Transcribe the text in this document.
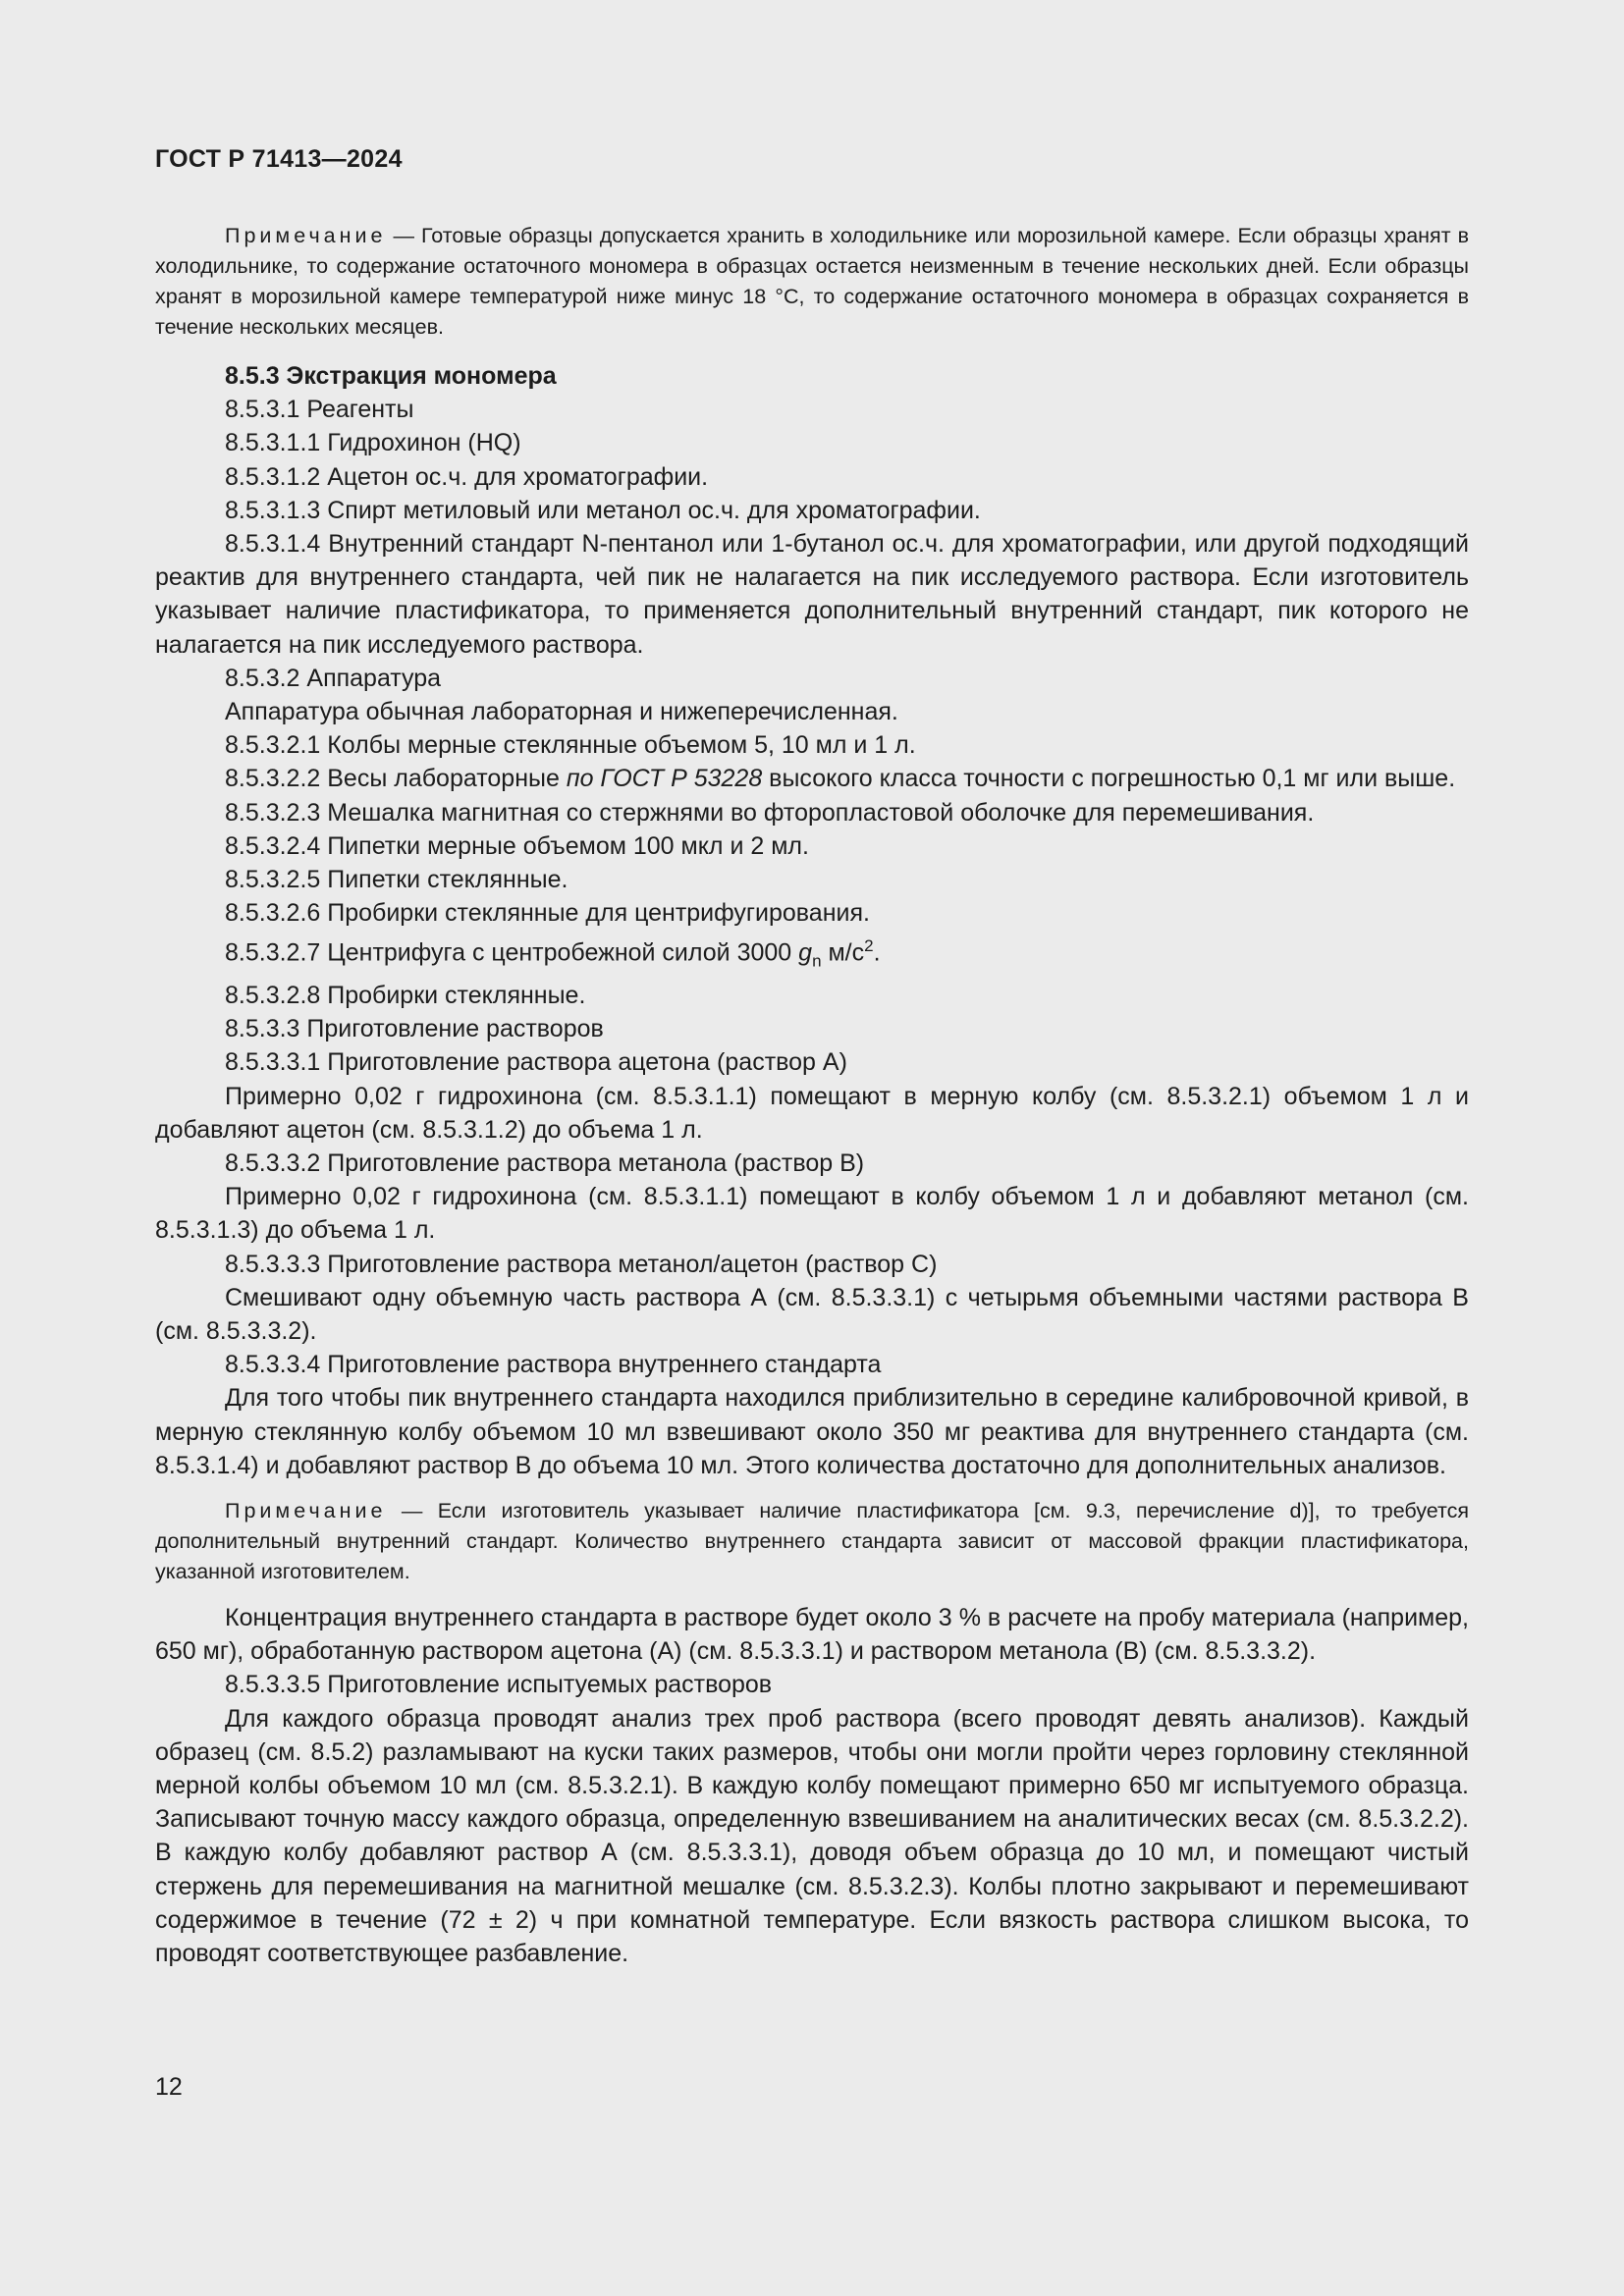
ГОСТ Р 71413—2024

Примечание — Готовые образцы допускается хранить в холодильнике или морозильной камере. Если образцы хранят в холодильнике, то содержание остаточного мономера в образцах остается неизменным в течение нескольких дней. Если образцы хранят в морозильной камере температурой ниже минус 18 °С, то содержание остаточного мономера в образцах сохраняется в течение нескольких месяцев.

8.5.3 Экстракция мономера

8.5.3.1 Реагенты

8.5.3.1.1 Гидрохинон (HQ)

8.5.3.1.2 Ацетон ос.ч. для хроматографии.

8.5.3.1.3 Спирт метиловый или метанол ос.ч. для хроматографии.

8.5.3.1.4 Внутренний стандарт N-пентанол или 1-бутанол ос.ч. для хроматографии, или другой подходящий реактив для внутреннего стандарта, чей пик не налагается на пик исследуемого раствора. Если изготовитель указывает наличие пластификатора, то применяется дополнительный внутренний стандарт, пик которого не налагается на пик исследуемого раствора.

8.5.3.2 Аппаратура

Аппаратура обычная лабораторная и нижеперечисленная.

8.5.3.2.1 Колбы мерные стеклянные объемом 5, 10 мл и 1 л.

8.5.3.2.2 Весы лабораторные по ГОСТ Р 53228 высокого класса точности с погрешностью 0,1 мг или выше.

8.5.3.2.3 Мешалка магнитная со стержнями во фторопластовой оболочке для перемешивания.

8.5.3.2.4 Пипетки мерные объемом 100 мкл и 2 мл.

8.5.3.2.5 Пипетки стеклянные.

8.5.3.2.6 Пробирки стеклянные для центрифугирования.

8.5.3.2.7 Центрифуга с центробежной силой 3000 $g_n$ $м/с^2$.

8.5.3.2.8 Пробирки стеклянные.

8.5.3.3 Приготовление растворов

8.5.3.3.1 Приготовление раствора ацетона (раствор А)

Примерно 0,02 г гидрохинона (см. 8.5.3.1.1) помещают в мерную колбу (см. 8.5.3.2.1) объемом 1 л и добавляют ацетон (см. 8.5.3.1.2) до объема 1 л.

8.5.3.3.2 Приготовление раствора метанола (раствор В)

Примерно 0,02 г гидрохинона (см. 8.5.3.1.1) помещают в колбу объемом 1 л и добавляют метанол (см. 8.5.3.1.3) до объема 1 л.

8.5.3.3.3 Приготовление раствора метанол/ацетон (раствор С)

Смешивают одну объемную часть раствора А (см. 8.5.3.3.1) с четырьмя объемными частями раствора В (см. 8.5.3.3.2).

8.5.3.3.4 Приготовление раствора внутреннего стандарта

Для того чтобы пик внутреннего стандарта находился приблизительно в середине калибровочной кривой, в мерную стеклянную колбу объемом 10 мл взвешивают около 350 мг реактива для внутреннего стандарта (см. 8.5.3.1.4) и добавляют раствор В до объема 10 мл. Этого количества достаточно для дополнительных анализов.

Примечание — Если изготовитель указывает наличие пластификатора [см. 9.3, перечисление d)], то требуется дополнительный внутренний стандарт. Количество внутреннего стандарта зависит от массовой фракции пластификатора, указанной изготовителем.

Концентрация внутреннего стандарта в растворе будет около 3 % в расчете на пробу материала (например, 650 мг), обработанную раствором ацетона (А) (см. 8.5.3.3.1) и раствором метанола (В) (см. 8.5.3.3.2).

8.5.3.3.5 Приготовление испытуемых растворов

Для каждого образца проводят анализ трех проб раствора (всего проводят девять анализов). Каждый образец (см. 8.5.2) разламывают на куски таких размеров, чтобы они могли пройти через горловину стеклянной мерной колбы объемом 10 мл (см. 8.5.3.2.1). В каждую колбу помещают примерно 650 мг испытуемого образца. Записывают точную массу каждого образца, определенную взвешиванием на аналитических весах (см. 8.5.3.2.2). В каждую колбу добавляют раствор А (см. 8.5.3.3.1), доводя объем образца до 10 мл, и помещают чистый стержень для перемешивания на магнитной мешалке (см. 8.5.3.2.3). Колбы плотно закрывают и перемешивают содержимое в течение (72 ± 2) ч при комнатной температуре. Если вязкость раствора слишком высока, то проводят соответствующее разбавление.

12
